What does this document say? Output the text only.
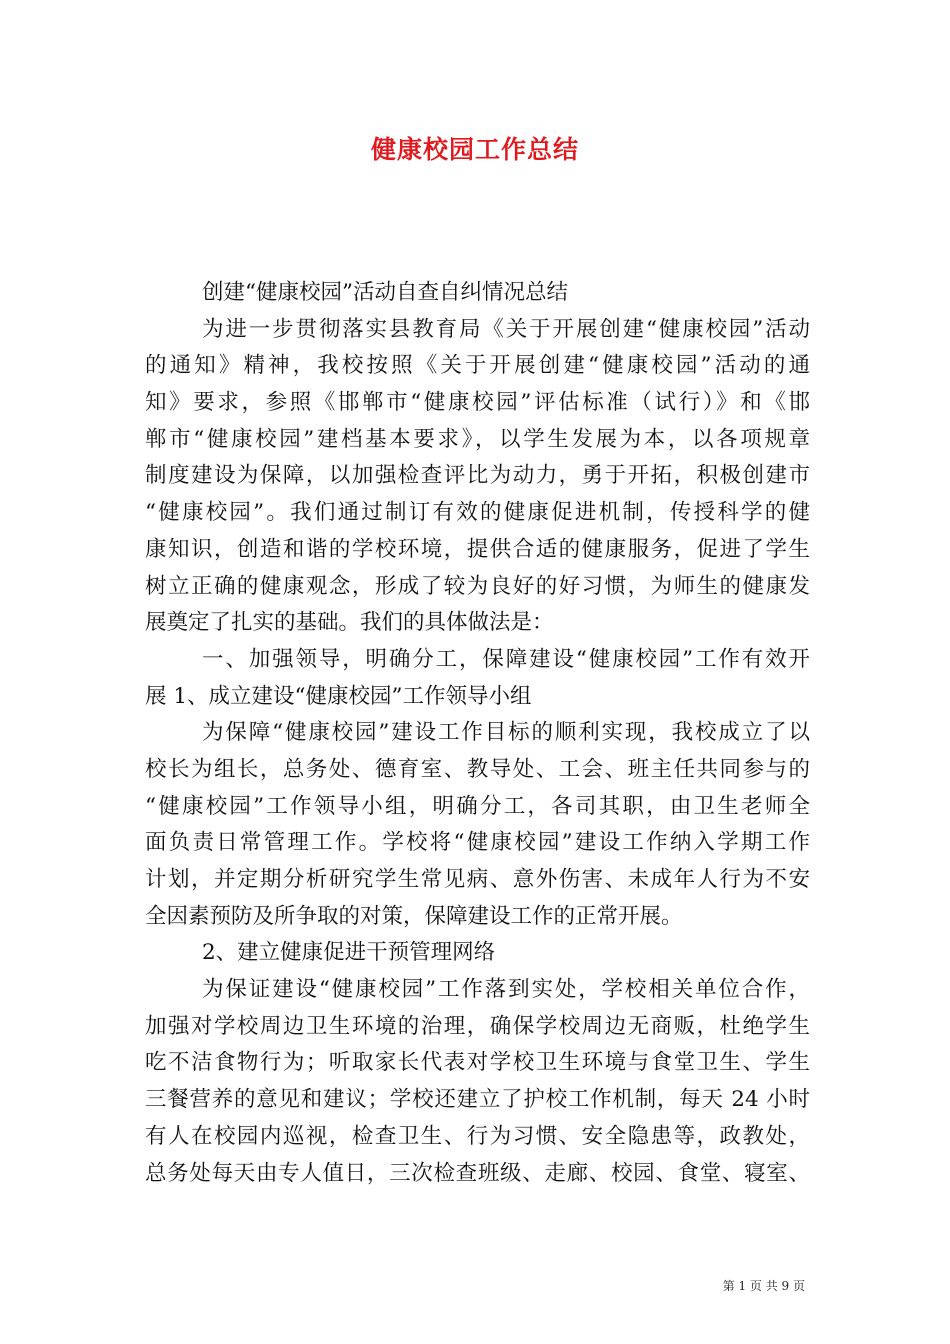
健康校园工作总结
创建“健康校园”活动自查自纠情况总结
为进一步贯彻落实县教育局《关于开展创建“健康校园”活动
的通知》精神，我校按照《关于开展创建“健康校园”活动的通
知》要求，参照《邯郸市“健康校园”评估标准（试行）》和《邯
郸市“健康校园”建档基本要求》，以学生发展为本，以各项规章
制度建设为保障，以加强检查评比为动力，勇于开拓，积极创建市
“健康校园”。我们通过制订有效的健康促进机制，传授科学的健
康知识，创造和谐的学校环境，提供合适的健康服务，促进了学生
树立正确的健康观念，形成了较为良好的好习惯，为师生的健康发
展奠定了扎实的基础。我们的具体做法是：
一、加强领导，明确分工，保障建设“健康校园”工作有效开
展 1、成立建设“健康校园”工作领导小组
为保障“健康校园”建设工作目标的顺利实现，我校成立了以
校长为组长，总务处、德育室、教导处、工会、班主任共同参与的
“健康校园”工作领导小组，明确分工，各司其职，由卫生老师全
面负责日常管理工作。学校将“健康校园”建设工作纳入学期工作
计划，并定期分析研究学生常见病、意外伤害、未成年人行为不安
全因素预防及所争取的对策，保障建设工作的正常开展。
2、建立健康促进干预管理网络
为保证建设“健康校园”工作落到实处，学校相关单位合作，
加强对学校周边卫生环境的治理，确保学校周边无商贩，杜绝学生
吃不洁食物行为；听取家长代表对学校卫生环境与食堂卫生、学生
三餐营养的意见和建议；学校还建立了护校工作机制，每天 24 小时
有人在校园内巡视，检查卫生、行为习惯、安全隐患等，政教处，
总务处每天由专人值日，三次检查班级、走廊、校园、食堂、寝室、
第 1 页 共 9 页
